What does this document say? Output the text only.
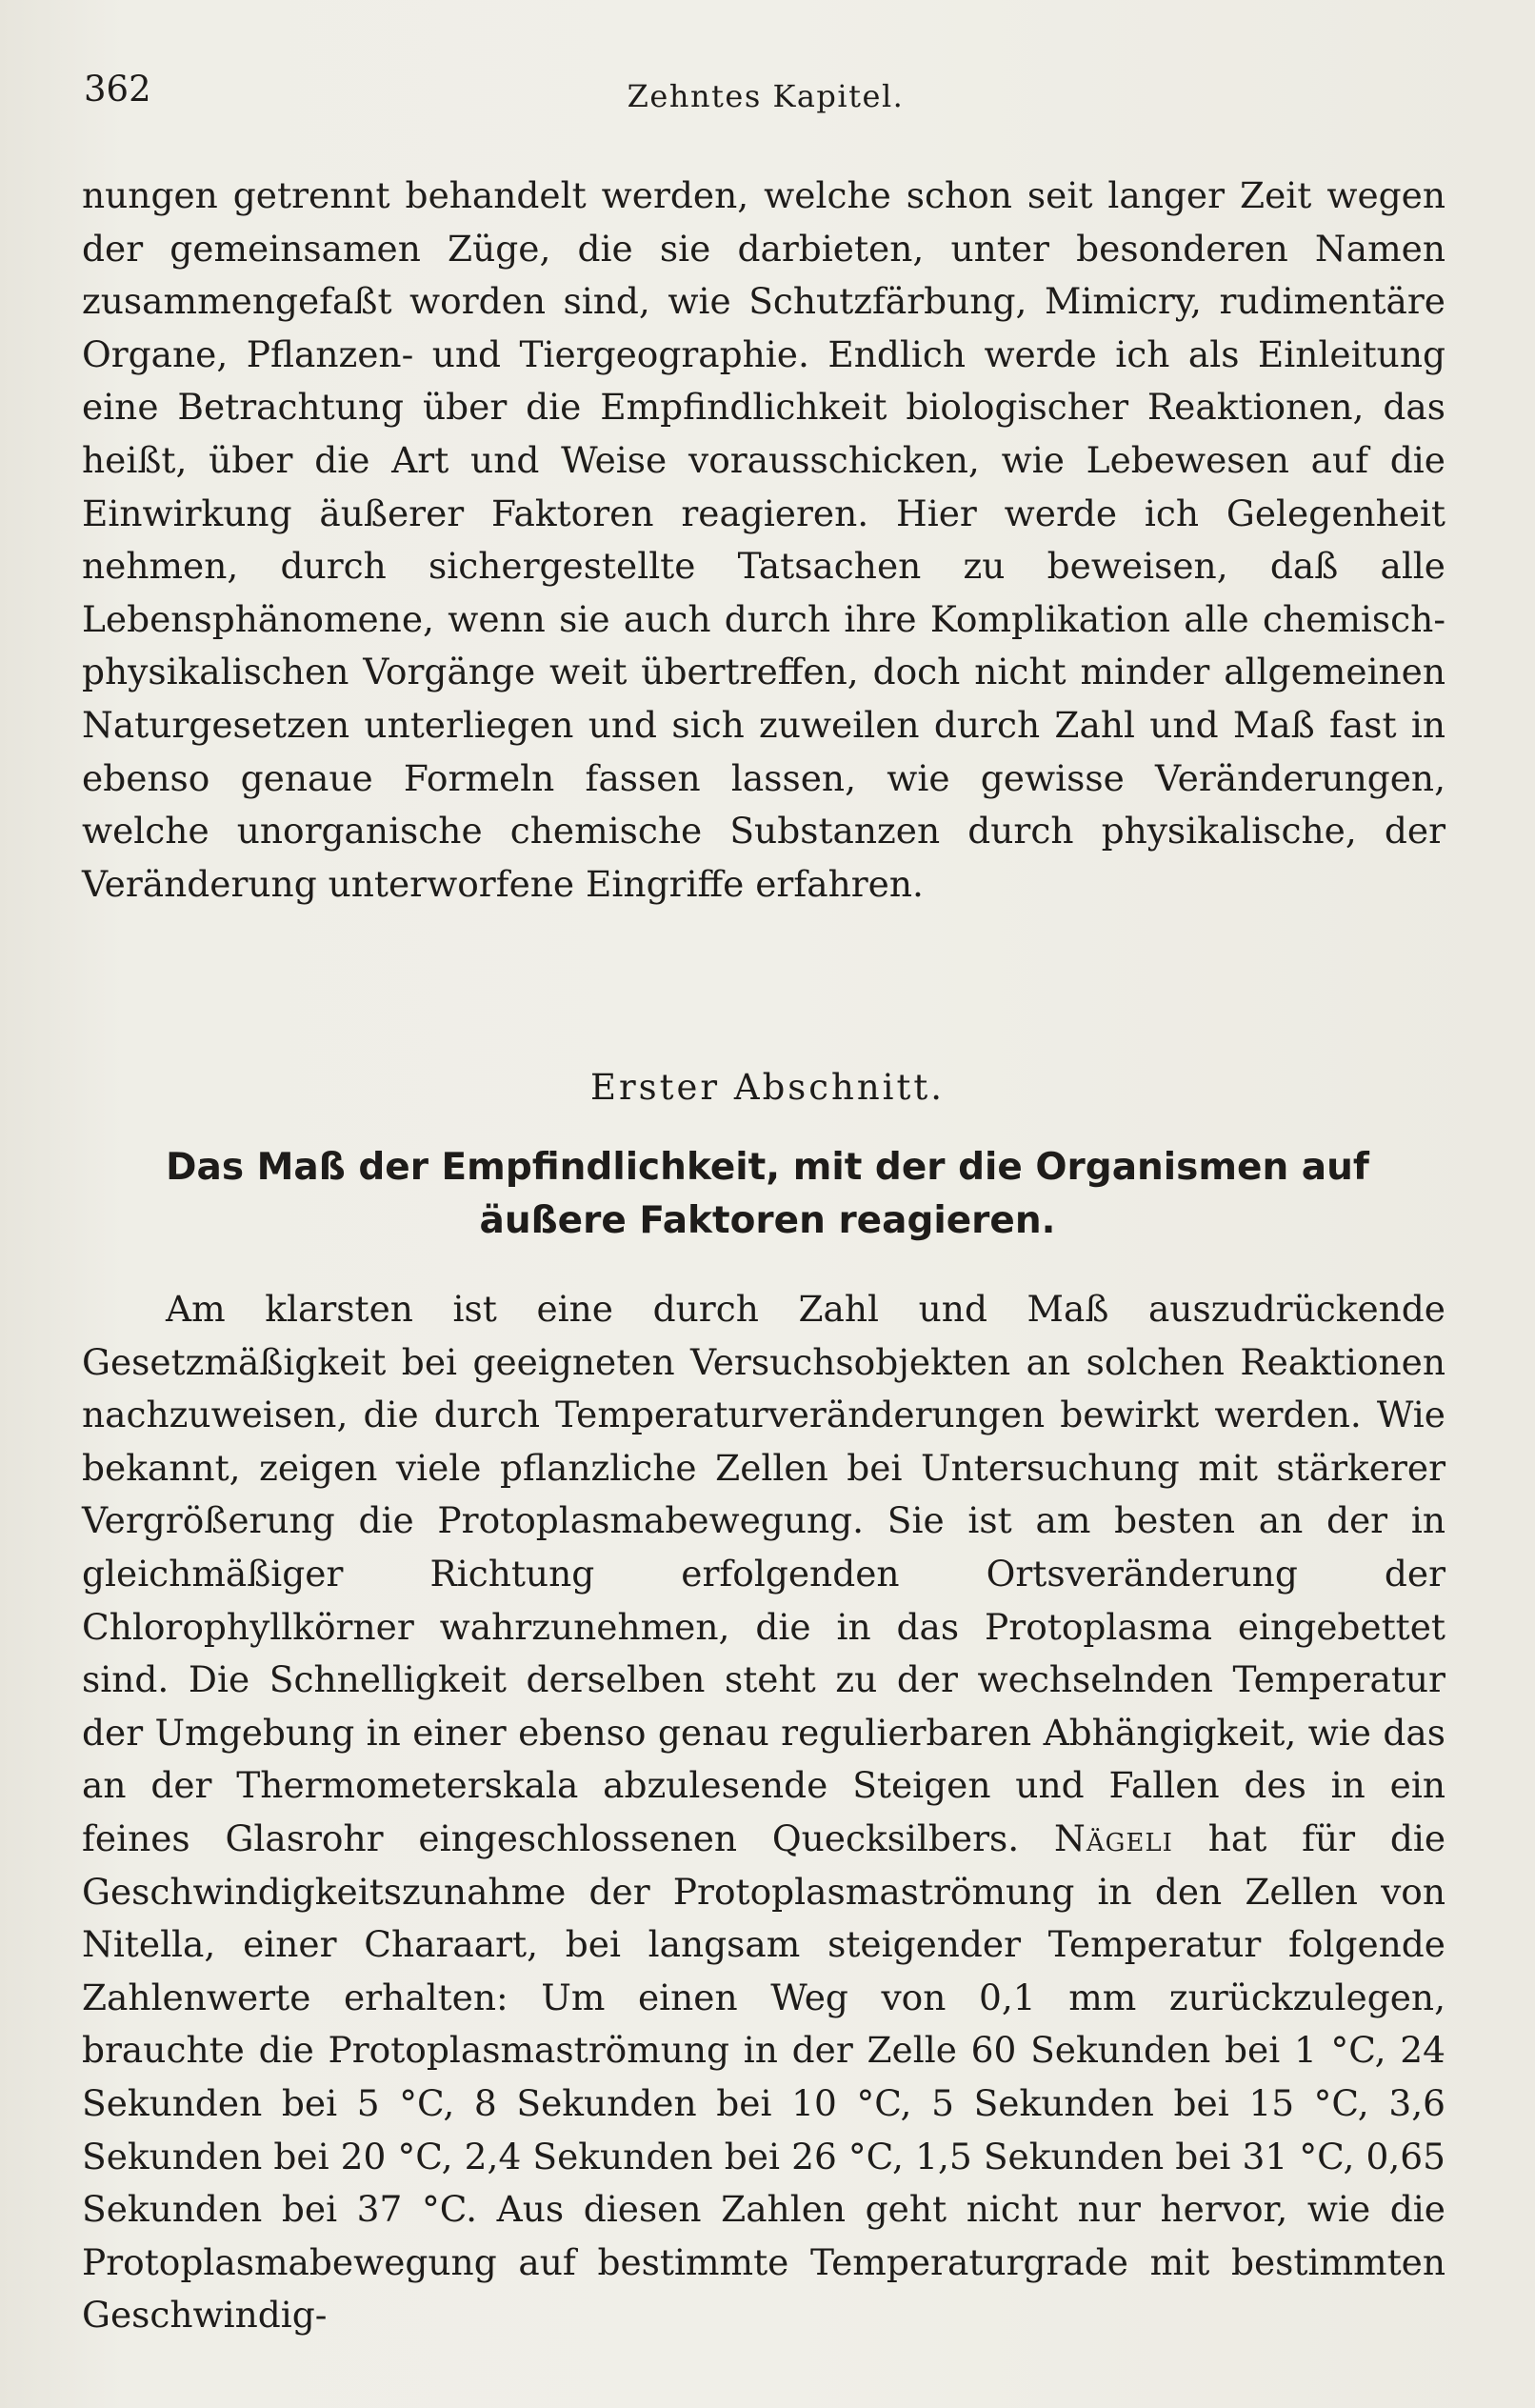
362	Zehntes Kapitel.

nungen getrennt behandelt werden, welche schon seit langer Zeit wegen der gemeinsamen Züge, die sie darbieten, unter besonderen Namen zusammengefaßt worden sind, wie Schutzfärbung, Mimicry, rudimentäre Organe, Pflanzen- und Tiergeographie. Endlich werde ich als Einleitung eine Betrachtung über die Empfindlichkeit biologischer Reaktionen, das heißt, über die Art und Weise vorausschicken, wie Lebewesen auf die Einwirkung äußerer Faktoren reagieren. Hier werde ich Gelegenheit nehmen, durch sichergestellte Tatsachen zu beweisen, daß alle Lebensphänomene, wenn sie auch durch ihre Komplikation alle chemisch-physikalischen Vorgänge weit übertreffen, doch nicht minder allgemeinen Naturgesetzen unterliegen und sich zuweilen durch Zahl und Maß fast in ebenso genaue Formeln fassen lassen, wie gewisse Veränderungen, welche unorganische chemische Substanzen durch physikalische, der Veränderung unterworfene Eingriffe erfahren.

Erster Abschnitt.
Das Maß der Empfindlichkeit, mit der die Organismen auf äußere Faktoren reagieren.

Am klarsten ist eine durch Zahl und Maß auszudrückende Gesetzmäßigkeit bei geeigneten Versuchsobjekten an solchen Reaktionen nachzuweisen, die durch Temperaturveränderungen bewirkt werden. Wie bekannt, zeigen viele pflanzliche Zellen bei Untersuchung mit stärkerer Vergrößerung die Protoplasmabewegung. Sie ist am besten an der in gleichmäßiger Richtung erfolgenden Ortsveränderung der Chlorophyllkörner wahrzunehmen, die in das Protoplasma eingebettet sind. Die Schnelligkeit derselben steht zu der wechselnden Temperatur der Umgebung in einer ebenso genau regulierbaren Abhängigkeit, wie das an der Thermometerskala abzulesende Steigen und Fallen des in ein feines Glasrohr eingeschlossenen Quecksilbers. Nägeli hat für die Geschwindigkeitszunahme der Protoplasmaströmung in den Zellen von Nitella, einer Charaart, bei langsam steigender Temperatur folgende Zahlenwerte erhalten: Um einen Weg von 0,1 mm zurückzulegen, brauchte die Protoplasmaströmung in der Zelle 60 Sekunden bei 1 °C, 24 Sekunden bei 5 °C, 8 Sekunden bei 10 °C, 5 Sekunden bei 15 °C, 3,6 Sekunden bei 20 °C, 2,4 Sekunden bei 26 °C, 1,5 Sekunden bei 31 °C, 0,65 Sekunden bei 37 °C. Aus diesen Zahlen geht nicht nur hervor, wie die Protoplasmabewegung auf bestimmte Temperaturgrade mit bestimmten Geschwindig-
